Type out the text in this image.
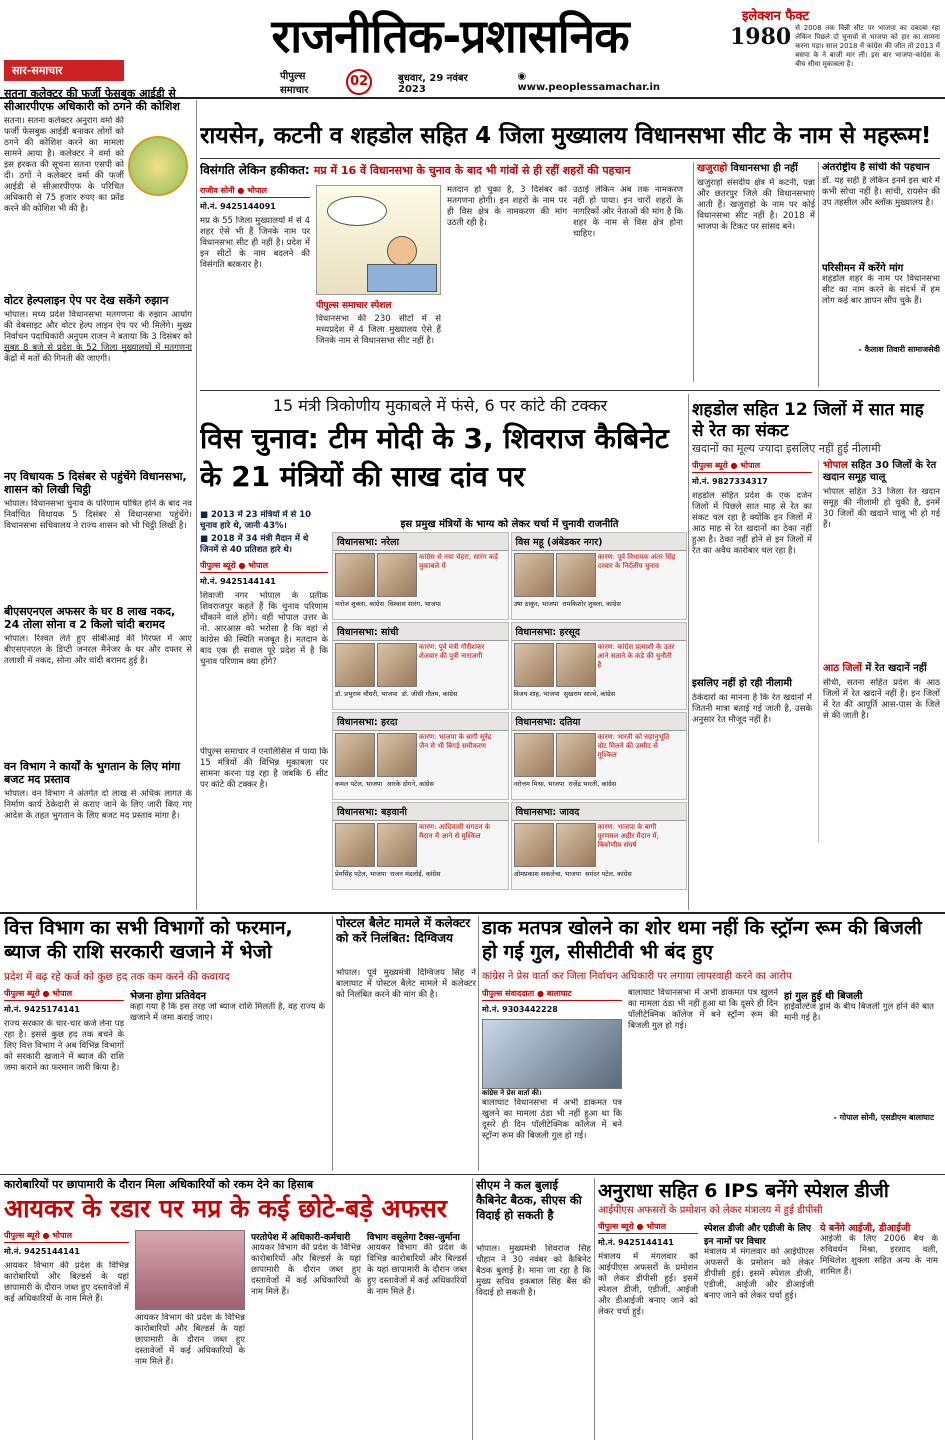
राजनीतिक-प्रशासनिक
पीपुल्स समाचार
02	बुधवार, 29 नवंबर 2023
◉ www.peoplessamachar.in
इलेक्शन फैक्ट
1980 से 2008 तक विन्नी सीट पर भाजपा का दबदबा रहा लेकिन पिछले दो चुनावों से भाजपा को हार का सामना करना पड़ा। साल 2018 में कांग्रेस की जीत तो 2013 में बसपा के ने बाजी मार ली। इस बार भाजपा-कांग्रेस के बीच सीधा मुकाबला है।
सार-समाचार
सतना कलेक्टर की फर्जी फेसबुक आईडी से सीआरपीएफ अधिकारी को ठगने की कोशिश
सतना। सतना कलेक्टर अनुराग वर्मा की फर्जी फेसबुक आईडी बनाकर लोगों को ठगने की कोशिश करने का मामला सामने आया है। कलेक्टर ने वर्मा को इस हरकत की सूचना सतना एसपी को दी। ठगों ने कलेक्टर वर्मा की फर्जी आईडी से सीआरपीएफ के परिचित अधिकारी से 75 हजार रुपए का फ्रॉड करने की कोशिश भी की है।
वोटर हेल्पलाइन ऐप पर देख सकेंगे रुझान
भोपाल। मध्य प्रदेश विधानसभा मतगणना के रुझान आयोग की वेबसाइट और वोटर हेल्प लाइन ऐप पर भी मिलेंगे। मुख्य निर्वाचन पदाधिकारी अनुपम राजन ने बताया कि 3 दिसंबर को सुबह 8 बजे से प्रदेश के 52 जिला मुख्यालयों में मतगणना केंद्रों में मतों की गिनती की जाएगी।
नए विधायक 5 दिसंबर से पहुंचेंगे विधानसभा, शासन को लिखी चिट्ठी
भोपाल। विधानसभा चुनाव के परिणाम घोषित होने के बाद नव निर्वाचित विधायक 5 दिसंबर से विधानसभा पहुंचेंगे। विधानसभा सचिवालय ने राज्य शासन को भी चिट्ठी लिखी है।
बीएसएनएल अफसर के घर 8 लाख नकद, 24 तोला सोना व 2 किलो चांदी बरामद
भोपाल। रिश्वत लेते हुए सीबीआई की गिरफ्त में आए बीएसएनएल के डिप्टी जनरल मैनेजर के घर और दफ्तर से तलाशी में नकद, सोना और चांदी बरामद हुई है।
वन विभाग ने कार्यों के भुगतान के लिए मांगा बजट मद प्रस्ताव
भोपाल। वन विभाग ने अंतर्गत दो लाख से अधिक लागत के निर्माण कार्य ठेकेदारी से कराए जाने के लिए जारी किए गए आदेश के तहत भुगतान के लिए बजट मद प्रस्ताव मांगा है।
रायसेन, कटनी व शहडोल सहित 4 जिला मुख्यालय विधानसभा सीट के नाम से महरूम!
विसंगति लेकिन हकीकत: मप्र में 16 वें विधानसभा के चुनाव के बाद भी गांवों से ही रहीं शहरों की पहचान
राजीव सोनी ● भोपाल
मो.नं. 9425144091
मप्र के 55 जिला मुख्यालयों में से 4 शहर ऐसे भी हैं जिनके नाम पर विधानसभा सीट ही नहीं है। प्रदेश में इन सीटों के नाम बदलने की विसंगति बरकरार है।
पीपुल्स समाचार स्पेशल
विधानसभा की 230 सीटों में से मध्यप्रदेश में 4 जिला मुख्यालय ऐसे हैं जिनके नाम से विधानसभा सीट नहीं है।
मतदान हो चुका है, 3 दिसंबर को मतगणना होगी। इन शहरों के नाम पर ही विस क्षेत्र के नामकरण की मांग उठती रही है।
उठाई लेकिन अब तक नामकरण नहीं हो पाया। इन चारों शहरों के नागरिकों और नेताओं की मांग है कि शहर के नाम से विस क्षेत्र होना चाहिए।
खजुराहो विधानसभा ही नहीं
खजुराहो संसदीय क्षेत्र में कटनी, पन्ना और छतरपुर जिले की विधानसभाएं आती हैं। खजुराहो के नाम पर कोई विधानसभा सीट नहीं है। 2018 में भाजपा के टिकट पर सांसद बने।
अंतर्राष्ट्रीय है सांची की पहचान
डॉ. यह सही है लेकिन इनमें इस बारे में कभी सोचा नहीं है। सांची, रायसेन की उप तहसील और ब्लॉक मुख्यालय है।
परिसीमन में करेंगे मांग
शहडोल शहर के नाम पर विधानसभा सीट का नाम करने के संदर्भ में हम लोग कई बार ज्ञापन सौंप चुके हैं।
- कैलाश तिवारी सामाजसेवी
15 मंत्री त्रिकोणीय मुकाबले में फंसे, 6 पर कांटे की टक्कर
विस चुनाव: टीम मोदी के 3, शिवराज कैबिनेट के 21 मंत्रियों की साख दांव पर
■ 2013 में 23 मंत्रियों में से 10 चुनाव हारे थे, जानी 43%।
■ 2018 में 34 मंत्री मैदान में थे जिनमें से 40 प्रतिशत हारे थे।
पीपुल्स ब्यूरो ● भोपाल
मो.नं. 9425144141
शिवाजी नगर भोपाल के प्रतीक शिवराजपुर कहते हैं कि चुनाव परिणाम चौंकाने वाले होंगे। वहीं भोपाल उत्तर के नो. आरआस को भरोसा है कि वहां से कांग्रेस की स्थिति मजबूत है। मतदान के बाद एक ही सवाल पूरे प्रदेश में है कि चुनाव परिणाम क्या होंगे?
पीपुल्स समाचार ने एनालिसिस में पाया कि 15 मंत्रियों की विभिन्न मुकाबला पर सामना करना पड़ रहा है जबकि 6 सीट पर कांटे की टक्कर है।
इस प्रमुख मंत्रियों के भाग्य को लेकर चर्चा में चुनावी राजनीति
विधानसभा: नरेला
कांग्रेस से नया चेहरा, सारंग कड़ें मुकाबले में
मनोज शुक्ला, कांग्रेस विश्वास सारंग, भाजपा
विस महू (अंबेडकर नगर)
कारण: पूर्व विधायक अंतर सिंह दरबार के निर्दलीय चुनाव
उषा ठाकुर, भाजपा रामकिशोर शुक्ला, कांग्रेस
विधानसभा: सांची
कारण: पूर्व मंत्री गौरीशंकर शेजवार की पुत्री नाराजगी
डॉ. प्रभुराम चौधरी, भाजपा डॉ. जीसी गौतम, कांग्रेस
विधानसभा: हरसूद
कारण: कांग्रेस प्रत्याशी के उतर आने सताने के कंडे की चुनौती है
विजय शाह, भाजपा सुखराम साल्वे, कांग्रेस
विधानसभा: हरदा
कारण: भाजपा के बागी सुरेंद्र जैन से भी बिगड़े समीकरण
कमल पटेल, भाजपा आरके दोगने, कांग्रेस
विधानसभा: दतिया
कारण: भारती को सहानुभूति वोट मिलने की उम्मीद से मुश्किल
नरोत्तम मिश्रा, भाजपा राजेंद्र भारती, कांग्रेस
विधानसभा: बड़वानी
कारण: आदिवासी संगठन के मैदान में आने से मुश्किल
प्रेमसिंह पटेल, भाजपा राजन मंडलोई, कांग्रेस
विधानसभा: जावद
कारण: भाजपा के बागी पूरणमल अहीर मैदान में, त्रिकोणीय संघर्ष
ओमप्रकाश सकलेचा, भाजपा समंदर पटेल, कांग्रेस
शहडोल सहित 12 जिलों में सात माह से रेत का संकट
खदानों का मूल्य ज्यादा इसलिए नहीं हुई नीलामी
पीपुल्स ब्यूरो ● भोपाल
मो.नं. 9827334317
शहडोल सहित प्रदेश के एक दर्जन जिलों में पिछले सात माह से रेत का संकट चल रहा है क्योंकि इन जिलों में आठ माह से रेत खदानों का ठेका नहीं हुआ है। ठेका नहीं होने से इन जिलों में रेत का अवैध कारोबार चल रहा है।
इसलिए नहीं हो रही नीलामी
ठेकेदारों का मानना है कि रेत खदानों में जितनी मात्रा बताई गई जाती है, उसके अनुसार रेत मौजूद नहीं है।
भोपाल सहित 30 जिलों के रेत खदान समूह चालू
भोपाल सहित 33 जिला रेत खदान समूह की नीलामी हो चुकी है, इनमें 30 जिलों की खदानें चालू भी हो गई हैं।
आठ जिलों में रेत खदानें नहीं
सीधी, सतना सहित प्रदेश के आठ जिलों में रेत खदानें नहीं हैं। इन जिलों में रेत की आपूर्ति आस-पास के जिले से की जाती है।
वित्त विभाग का सभी विभागों को फरमान, ब्याज की राशि सरकारी खजाने में भेजो
प्रदेश में बढ़ रहे कर्ज को कुछ हद तक कम करने की कवायद
पीपुल्स ब्यूरो ● भोपाल
मो.नं. 9425174141
राज्य सरकार के चार-चार कर्ज लेना पड़ रहा है। इससे कुछ हद तक बचने के लिए वित्त विभाग ने अब विभिन्न विभागों को सरकारी खजाने में ब्याज की राशि जमा कराने का फरमान जारी किया है।
भेजना होगा प्रतिवेदन
कहा गया है कि इस तरह जो ब्याज राशि मिलती है, वह राज्य के खजाने में जमा कराई जाए।
पोस्टल बैलेट मामले में कलेक्टर को करें निलंबित: दिग्विजय
भोपाल। पूर्व मुख्यमंत्री दिग्विजय सिंह ने बालाघाट में पोस्टल बैलेट मामले में कलेक्टर को निलंबित करने की मांग की है।
डाक मतपत्र खोलने का शोर थमा नहीं कि स्ट्रॉन्ग रूम की बिजली हो गई गुल, सीसीटीवी भी बंद हुए
कांग्रेस ने प्रेस वार्ता कर जिला निर्वाचन अधिकारी पर लगाया लापरवाही करने का आरोप
पीपुल्स संवाददाता ● बालाघाट
मो.नं. 9303442228
कांग्रेस ने प्रेस वार्ता की।
बालाघाट विधानसभा में अभी डाकमत पत्र खुलने का मामला ठंडा भी नहीं हुआ था कि दूसरे ही दिन पॉलीटेक्निक कॉलेज में बने स्ट्रॉन्ग रूम की बिजली गुल हो गई।
बालाघाट विधानसभा में अभी डाकमत पत्र खुलने का मामला ठंडा भी नहीं हुआ था कि दूसरे ही दिन पॉलीटेक्निक कॉलेज में बने स्ट्रॉन्ग रूम की बिजली गुल हो गई।
हां गुल हुई थी बिजली
हाईवोल्टेज ड्रामे के बीच बिजली गुल होने की बात मानी गई है।
- गोपाल सोनी, एसडीएम बालाघाट
कारोबारियों पर छापामारी के दौरान मिला अधिकारियों को रकम देने का हिसाब
आयकर के रडार पर मप्र के कई छोटे-बड़े अफसर
पीपुल्स ब्यूरो ● भोपाल
मो.नं. 9425144141
आयकर विभाग की प्रदेश के विभिन्न कारोबारियों और बिल्डर्स के यहां छापामारी के दौरान जब्त हुए दस्तावेजों में कई अधिकारियों के नाम मिले हैं।
आयकर विभाग की प्रदेश के विभिन्न कारोबारियों और बिल्डर्स के यहां छापामारी के दौरान जब्त हुए दस्तावेजों में कई अधिकारियों के नाम मिले हैं।
परतोपेश में अधिकारी-कर्मचारी
आयकर विभाग की प्रदेश के विभिन्न कारोबारियों और बिल्डर्स के यहां छापामारी के दौरान जब्त हुए दस्तावेजों में कई अधिकारियों के नाम मिले हैं।
विभाग वसूलेगा टैक्स-जुर्माना
आयकर विभाग की प्रदेश के विभिन्न कारोबारियों और बिल्डर्स के यहां छापामारी के दौरान जब्त हुए दस्तावेजों में कई अधिकारियों के नाम मिले हैं।
सीएम ने कल बुलाई कैबिनेट बैठक, सीएस की विदाई हो सकती है
भोपाल। मुख्यमंत्री शिवराज सिंह चौहान ने 30 नवंबर को कैबिनेट बैठक बुलाई है। माना जा रहा है कि मुख्य सचिव इकबाल सिंह बैंस की विदाई हो सकती है।
अनुराधा सहित 6 IPS बनेंगे स्पेशल डीजी
आईपीएस अफसरों के प्रमोशन को लेकर मंत्रालय में हुई डीपीसी
पीपुल्स ब्यूरो ● भोपाल
मो.नं. 9425144141
मंत्रालय में मंगलवार को आईपीएस अफसरों के प्रमोशन को लेकर डीपीसी हुई। इसमें स्पेशल डीजी, एडीजी, आईजी और डीआईजी बनाए जाने को लेकर चर्चा हुई।
स्पेशल डीजी और एडीजी के लिए इन नामों पर विचार
मंत्रालय में मंगलवार को आईपीएस अफसरों के प्रमोशन को लेकर डीपीसी हुई। इसमें स्पेशल डीजी, एडीजी, आईजी और डीआईजी बनाए जाने को लेकर चर्चा हुई।
ये बनेंगे आईजी, डीआईजी
आईजी के लिए 2006 बैच के रुचिवर्धन मिश्रा, इरशाद वली, मिथिलेश शुक्ला सहित अन्य के नाम शामिल हैं।
